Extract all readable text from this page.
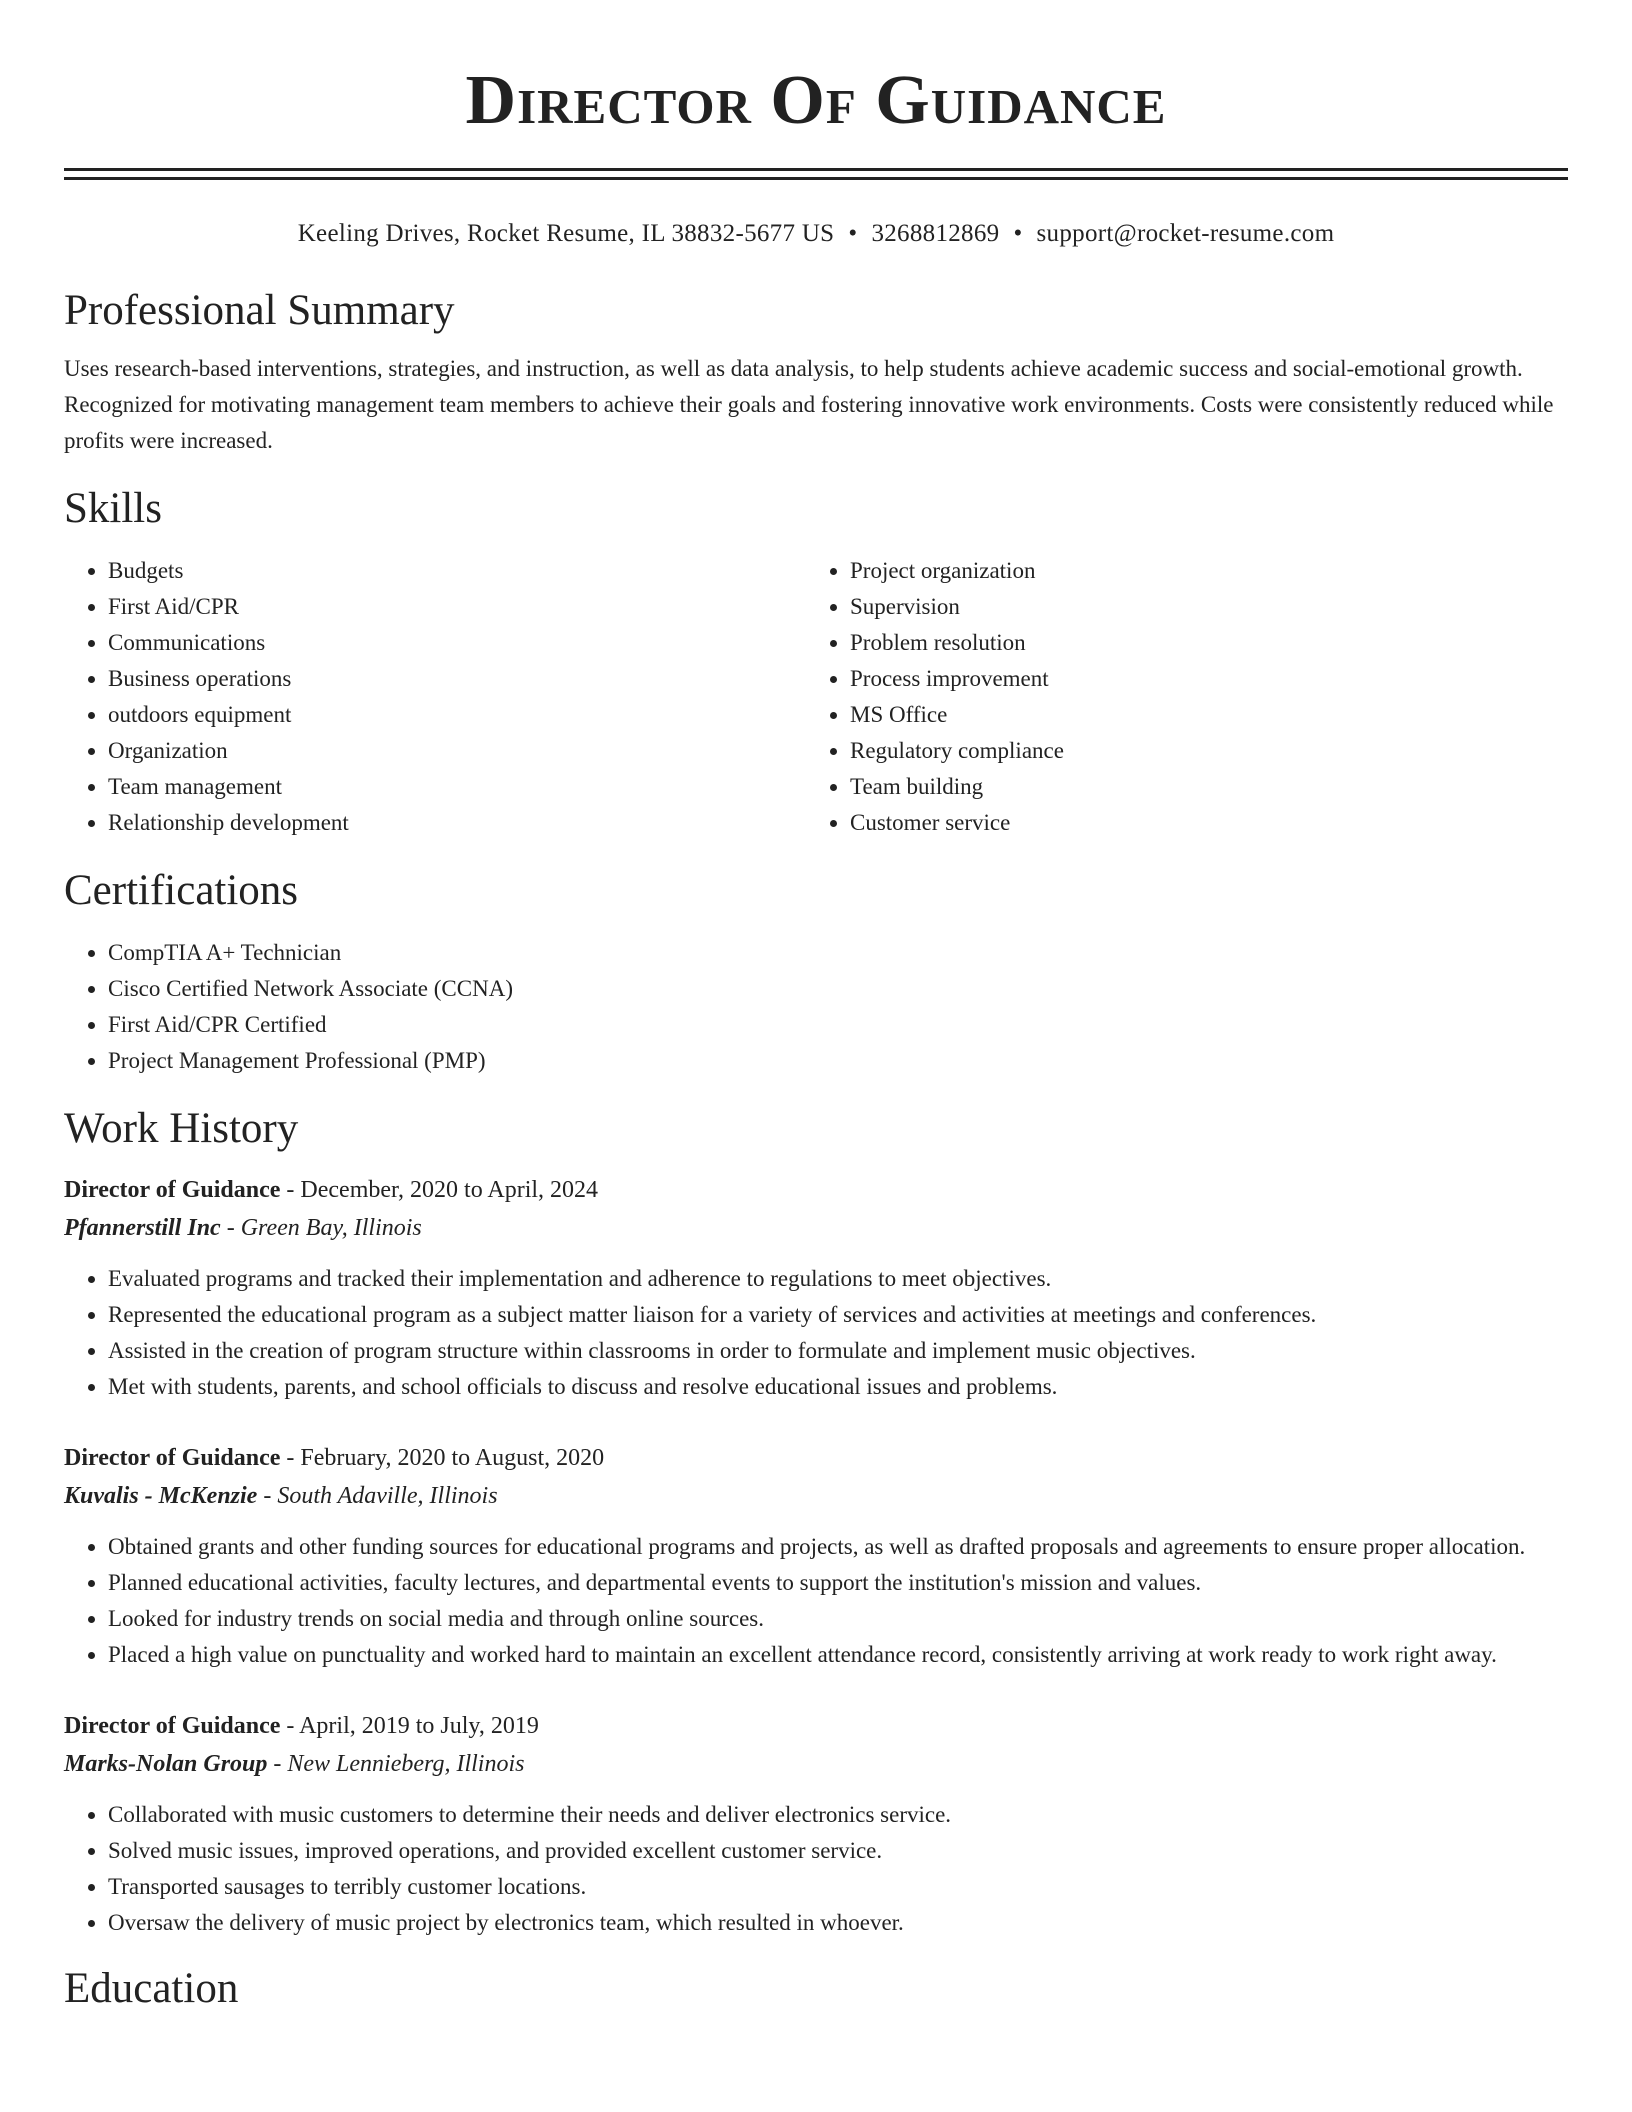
Director Of Guidance
Keeling Drives, Rocket Resume, IL 38832-5677 US • 3268812869 • support@rocket-resume.com
Professional Summary
Uses research-based interventions, strategies, and instruction, as well as data analysis, to help students achieve academic success and social-emotional growth. Recognized for motivating management team members to achieve their goals and fostering innovative work environments. Costs were consistently reduced while profits were increased.
Skills
• Budgets
• First Aid/CPR
• Communications
• Business operations
• outdoors equipment
• Organization
• Team management
• Relationship development
• Project organization
• Supervision
• Problem resolution
• Process improvement
• MS Office
• Regulatory compliance
• Team building
• Customer service
Certifications
• CompTIA A+ Technician
• Cisco Certified Network Associate (CCNA)
• First Aid/CPR Certified
• Project Management Professional (PMP)
Work History
Director of Guidance - December, 2020 to April, 2024
Pfannerstill Inc - Green Bay, Illinois
• Evaluated programs and tracked their implementation and adherence to regulations to meet objectives.
• Represented the educational program as a subject matter liaison for a variety of services and activities at meetings and conferences.
• Assisted in the creation of program structure within classrooms in order to formulate and implement music objectives.
• Met with students, parents, and school officials to discuss and resolve educational issues and problems.
Director of Guidance - February, 2020 to August, 2020
Kuvalis - McKenzie - South Adaville, Illinois
• Obtained grants and other funding sources for educational programs and projects, as well as drafted proposals and agreements to ensure proper allocation.
• Planned educational activities, faculty lectures, and departmental events to support the institution's mission and values.
• Looked for industry trends on social media and through online sources.
• Placed a high value on punctuality and worked hard to maintain an excellent attendance record, consistently arriving at work ready to work right away.
Director of Guidance - April, 2019 to July, 2019
Marks-Nolan Group - New Lennieberg, Illinois
• Collaborated with music customers to determine their needs and deliver electronics service.
• Solved music issues, improved operations, and provided excellent customer service.
• Transported sausages to terribly customer locations.
• Oversaw the delivery of music project by electronics team, which resulted in whoever.
Education
